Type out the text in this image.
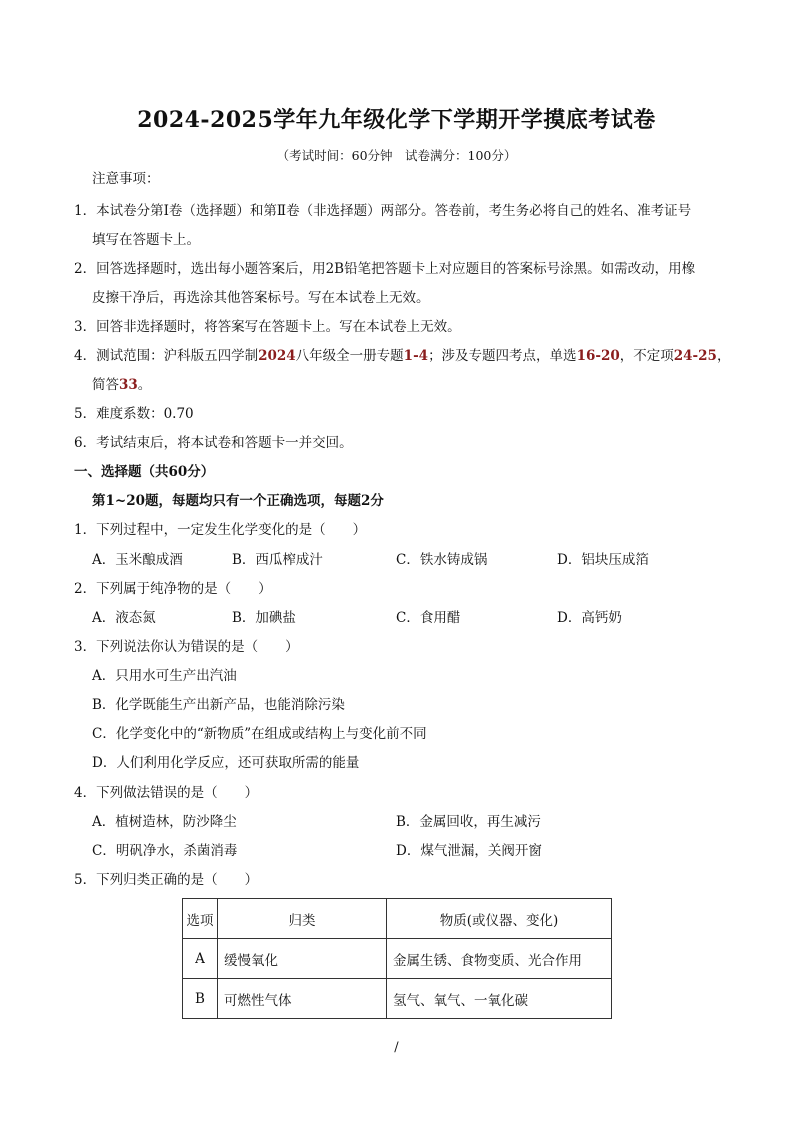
2024-2025学年九年级化学下学期开学摸底考试卷
（考试时间：60分钟　试卷满分：100分）
注意事项：
1．本试卷分第Ⅰ卷（选择题）和第Ⅱ卷（非选择题）两部分。答卷前，考生务必将自己的姓名、准考证号
填写在答题卡上。
2．回答选择题时，选出每小题答案后，用2B铅笔把答题卡上对应题目的答案标号涂黑。如需改动，用橡
皮擦干净后，再选涂其他答案标号。写在本试卷上无效。
3．回答非选择题时，将答案写在答题卡上。写在本试卷上无效。
4．测试范围：沪科版五四学制2024八年级全一册专题1-4；涉及专题四考点，单选16-20，不定项24-25，
简答33。
5．难度系数：0.70
6．考试结束后，将本试卷和答题卡一并交回。
一、选择题（共60分）
第1~20题，每题均只有一个正确选项，每题2分
1．下列过程中，一定发生化学变化的是（　　）
A．玉米酿成酒	B．西瓜榨成汁	C．铁水铸成锅	D．铝块压成箔
2．下列属于纯净物的是（　　）
A．液态氮	B．加碘盐	C．食用醋	D．高钙奶
3．下列说法你认为错误的是（　　）
A．只用水可生产出汽油
B．化学既能生产出新产品，也能消除污染
C．化学变化中的“新物质”在组成或结构上与变化前不同
D．人们利用化学反应，还可获取所需的能量
4．下列做法错误的是（　　）
A．植树造林，防沙降尘	B．金属回收，再生减污
C．明矾净水，杀菌消毒	D．煤气泄漏，关阀开窗
5．下列归类正确的是（　　）
选项	归类	物质(或仪器、变化)
A	缓慢氧化	金属生锈、食物变质、光合作用
B	可燃性气体	氢气、氧气、一氧化碳
/
